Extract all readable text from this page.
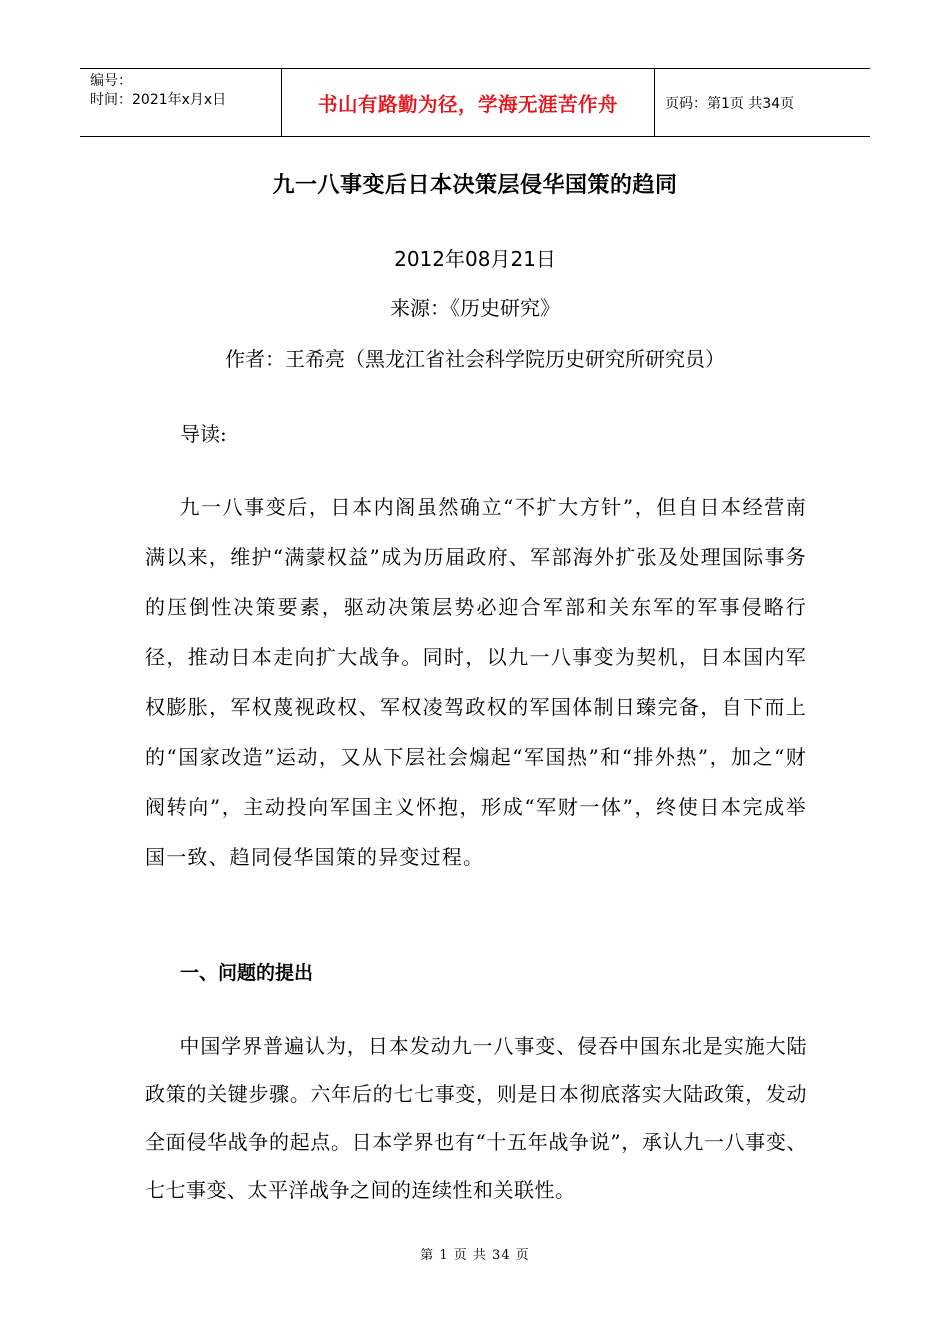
编号：
时间：2021年x月x日	书山有路勤为径，学海无涯苦作舟	页码：第1页 共34页
九一八事变后日本决策层侵华国策的趋同
2012年08月21日
来源：《历史研究》
作者：王希亮（黑龙江省社会科学院历史研究所研究员）
导读:

九一八事变后，日本内阁虽然确立“不扩大方针”，但自日本经营南满以来，维护“满蒙权益”成为历届政府、军部海外扩张及处理国际事务的压倒性决策要素，驱动决策层势必迎合军部和关东军的军事侵略行径，推动日本走向扩大战争。同时，以九一八事变为契机，日本国内军权膨胀，军权蔑视政权、军权凌驾政权的军国体制日臻完备，自下而上的“国家改造”运动，又从下层社会煽起“军国热”和“排外热”，加之“财阀转向”，主动投向军国主义怀抱，形成“军财一体”，终使日本完成举国一致、趋同侵华国策的异变过程。

一、问题的提出

中国学界普遍认为，日本发动九一八事变、侵吞中国东北是实施大陆政策的关键步骤。六年后的七七事变，则是日本彻底落实大陆政策，发动全面侵华战争的起点。日本学界也有“十五年战争说”，承认九一八事变、七七事变、太平洋战争之间的连续性和关联性。

第 1 页 共 34 页
